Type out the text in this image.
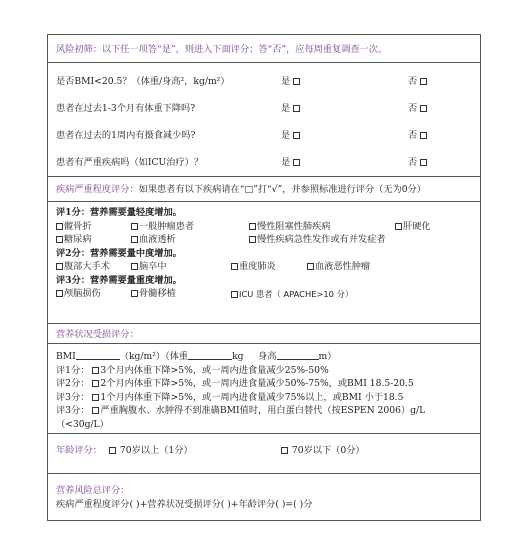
风险初筛：以下任一项答“是”，则进入下面评分；答“否”，应每周重复调查一次。
是否BMI<20.5？（体重/身高²，kg/m²）	是	否
患者在过去1-3个月有体重下降吗?	是	否
患者在过去的1周内有摄食减少吗?	是	否
患者有严重疾病吗（如ICU治疗）？	是	否
疾病严重程度评分：如果患者有以下疾病请在“□”打“√”，并参照标准进行评分（无为0分）
评1分：营养需要量轻度增加。
髋骨折	一般肿瘤患者	慢性阻塞性肺疾病	肝硬化
糖尿病	血液透析	慢性疾病急性发作或有并发症者
评2分：营养需要量中度增加。
腹部大手术	脑卒中	重度肺炎	血液恶性肿瘤
评3分：营养需要量重度增加。
颅脑损伤	骨髓移植	ICU 患者（ APACHE>10 分）
营养状况受损评分：
BMI	（kg/m²）（体重	kg 身高	m）
评1分： 3个月内体重下降>5%，或一周内进食量减少25%-50%
评2分： 2个月内体重下降>5%，或一周内进食量减少50%-75%，或BMI 18.5-20.5
评3分： 1个月内体重下降>5%，或一周内进食量减少75%以上，或BMI 小于18.5
评3分： 严重胸腹水、水肿得不到准确BMI值时，用白蛋白替代（按ESPEN 2006）g/L
（<30g/L）
年龄评分：	70岁以上（1分）	70岁以下（0分）
营养风险总评分：
疾病严重程度评分( )+营养状况受损评分( )+年龄评分( )=( )分
